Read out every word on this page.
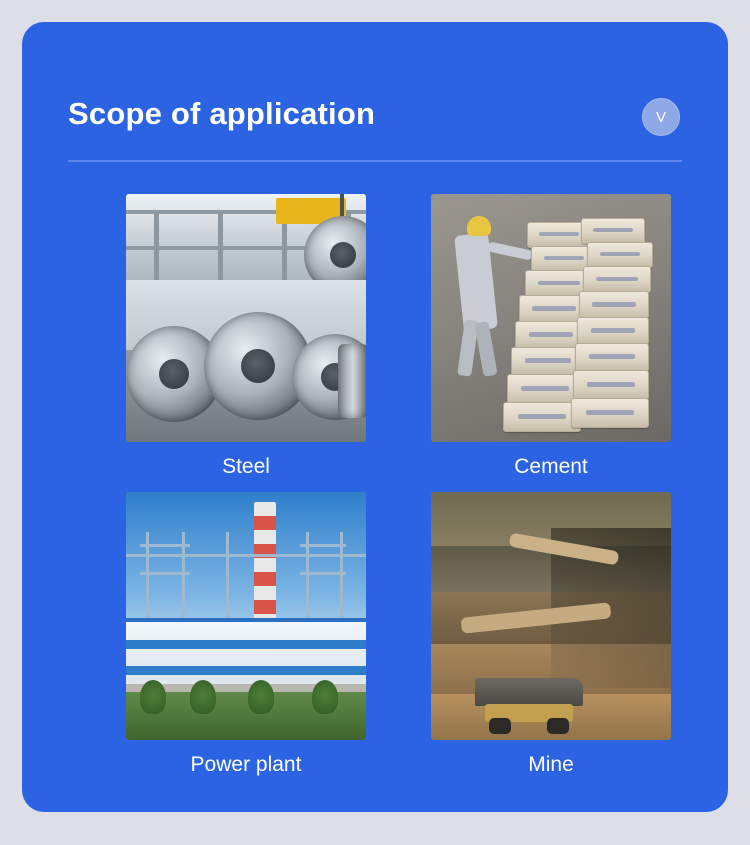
Scope of application	V
Steel	Cement
Power plant	Mine
